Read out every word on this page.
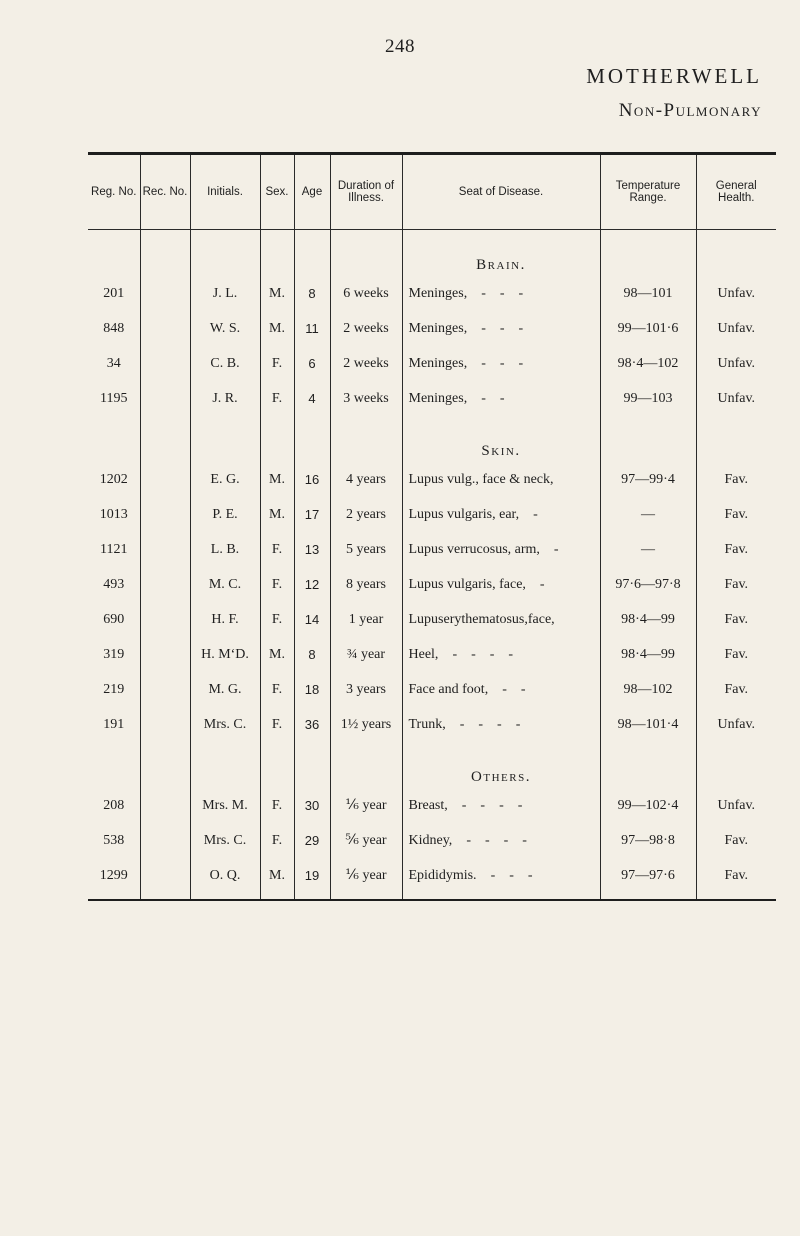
248
MOTHERWELL
Non-Pulmonary
Reg. No.	Rec. No.	Initials.	Sex.	Age	Duration of Illness.	Seat of Disease.	Temperature Range.	General Health.
						Brain.		
201		J. L.	M.	8	6 weeks	Meninges, -    -    -	98—101	Unfav.
848		W. S.	M.	11	2 weeks	Meninges, -    -    -	99—101·6	Unfav.
34		C. B.	F.	6	2 weeks	Meninges, -    -    -	98·4—102	Unfav.
1195		J. R.	F.	4	3 weeks	Meninges, -    -	99—103	Unfav.
						Skin.		
1202		E. G.	M.	16	4 years	Lupus vulg., face & neck,	97—99·4	Fav.
1013		P. E.	M.	17	2 years	Lupus vulgaris, ear, -	—	Fav.
1121		L. B.	F.	13	5 years	Lupus verrucosus, arm, -	—	Fav.
493		M. C.	F.	12	8 years	Lupus vulgaris, face, -	97·6—97·8	Fav.
690		H. F.	F.	14	1 year	Lupuserythematosus,face,	98·4—99	Fav.
319		H. M‘D.	M.	8	¾ year	Heel, -    -    -    -	98·4—99	Fav.
219		M. G.	F.	18	3 years	Face and foot, -    -	98—102	Fav.
191		Mrs. C.	F.	36	1½ years	Trunk, -    -    -    -	98—101·4	Unfav.
						Others.		
208		Mrs. M.	F.	30	⅙ year	Breast, -    -    -    -	99—102·4	Unfav.
538		Mrs. C.	F.	29	⅚ year	Kidney, -    -    -    -	97—98·8	Fav.
1299		O. Q.	M.	19	⅙ year	Epididymis. -    -    -	97—97·6	Fav.
